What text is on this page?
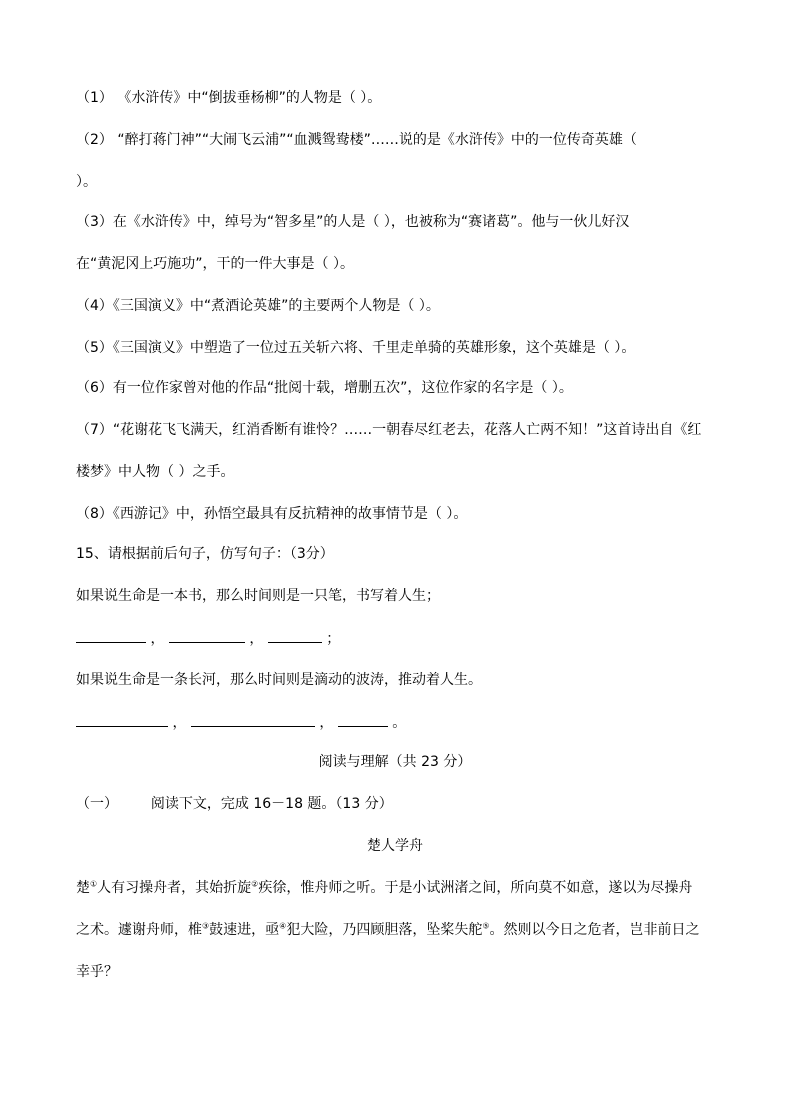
（1） 《水浒传》中“倒拔垂杨柳”的人物是（ ）。
（2） “醉打蒋门神”“大闹飞云浦”“血溅鸳鸯楼”……说的是《水浒传》中的一位传奇英雄（
）。
（3）在《水浒传》中，绰号为“智多星”的人是（ ），也被称为“赛诸葛”。他与一伙儿好汉
在“黄泥冈上巧施功”，干的一件大事是（ ）。
（4）《三国演义》中“煮酒论英雄”的主要两个人物是（ ）。
（5）《三国演义》中塑造了一位过五关斩六将、千里走单骑的英雄形象，这个英雄是（ ）。
（6）有一位作家曾对他的作品“批阅十载，增删五次”，这位作家的名字是（ ）。
（7）“花谢花飞飞满天，红消香断有谁怜？……一朝春尽红老去，花落人亡两不知！”这首诗出自《红
楼梦》中人物（ ）之手。
（8）《西游记》中，孙悟空最具有反抗精神的故事情节是（ ）。
15、请根据前后句子，仿写句子：（3分）
如果说生命是一本书，那么时间则是一只笔，书写着人生；
，	，	；
如果说生命是一条长河，那么时间则是滴动的波涛，推动着人生。
，	，	。
阅读与理解（共 23 分）
（一） 阅读下文，完成 16－18 题。（13 分）
楚人学舟
楚①人有习操舟者，其始折旋②疾徐，惟舟师之听。于是小试洲渚之间，所向莫不如意，遂以为尽操舟
之术。遽谢舟师，椎③鼓速进，亟④犯大险，乃四顾胆落，坠桨失舵⑤。然则以今日之危者，岂非前日之
幸乎？
